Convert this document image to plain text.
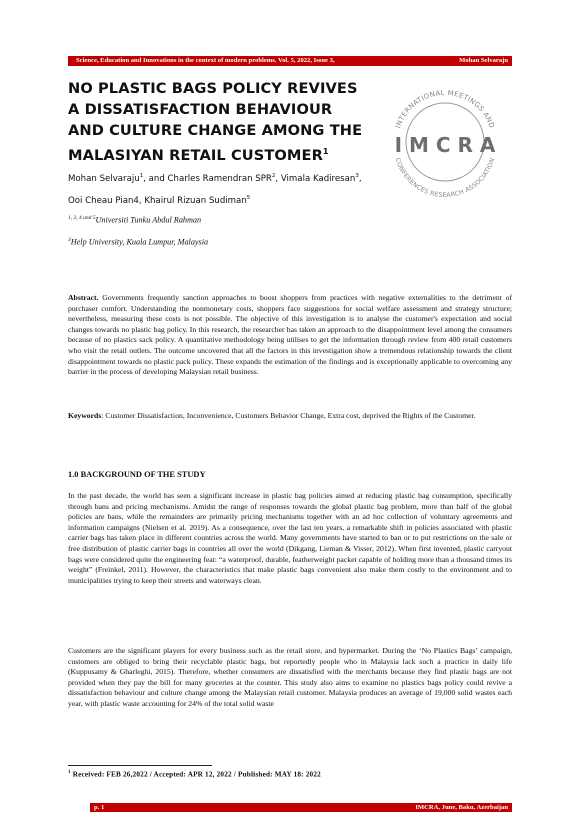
Science, Education and Innovations in the context of modern problems. Vol. 5, 2022, Issue 3,	Mohan Selvaraju
NO PLASTIC BAGS POLICY REVIVES A DISSATISFACTION BEHAVIOUR AND CULTURE CHANGE AMONG THE MALASIYAN RETAIL CUSTOMER$^1$
INTERNATIONAL MEETINGS AND
CONFERENCES RESEARCH ASSOCIATION
I M C R A
Mohan Selvaraju$^1$, and Charles Ramendran SPR$^2$, Vimala Kadiresan$^3$,
Ooi Cheau Pian4, Khairul Rizuan Sudiman$^5$
$^{1, 2, 4 and 5}$Universiti Tunku Abdul Rahman
$^3$Help University, Kuala Lumpur, Malaysia

Abstract. Governments frequently sanction approaches to boost shoppers from practices with negative externalities to the detriment of purchaser comfort. Understanding the nonmonetary costs, shoppers face suggestions for social welfare assessment and strategy structure; nevertheless, measuring these costs is not possible. The objective of this investigation is to analyse the customer's expectation and social changes towards no plastic bag policy. In this research, the researcher has taken an approach to the disappointment level among the consumers because of no plastics sack policy. A quantitative methodology being utilises to get the information through review from 400 retail customers who visit the retail outlets. The outcome uncovered that all the factors in this investigation show a tremendous relationship towards the client disappointment towards no plastic pack policy. These expands the estimation of the findings and is exceptionally applicable to overcoming any barrier in the process of developing Malaysian retail business.

Keywords: Customer Dissatisfaction, Inconvenience, Customers Behavior Change, Extra cost, deprived the Rights of the Customer.

1.0 BACKGROUND OF THE STUDY

In the past decade, the world has seen a significant increase in plastic bag policies aimed at reducing plastic bag consumption, specifically through bans and pricing mechanisms. Amidst the range of responses towards the global plastic bag problem, more than half of the global policies are bans, while the remainders are primarily pricing mechanisms together with an ad hoc collection of voluntary agreements and information campaigns (Nielsen et al. 2019). As a consequence, over the last ten years, a remarkable shift in policies associated with plastic carrier bags has taken place in different countries across the world. Many governments have started to ban or to put restrictions on the sale or free distribution of plastic carrier bags in countries all over the world (Dikgang, Lieman & Visser, 2012). When first invented, plastic carryout bags were considered quite the engineering feat: “a waterproof, durable, featherweight packet capable of holding more than a thousand times its weight” (Freinkel, 2011). However, the characteristics that make plastic bags convenient also make them costly to the environment and to municipalities trying to keep their streets and waterways clean.

Customers are the significant players for every business such as the retail store, and hypermarket. During the ‘No Plastics Bags’ campaign, customers are obliged to bring their recyclable plastic bags, but reportedly people who in Malaysia lack such a practice in daily life (Kuppusamy & Gharleghi, 2015). Therefore, whether consumers are dissatisfied with the merchants because they find plastic bags are not provided when they pay the bill for many groceries at the counter. This study also aims to examine no plastics bags policy could revive a dissatisfaction behaviour and culture change among the Malaysian retail customer. Malaysia produces an average of 19,000 solid wastes each year, with plastic waste accounting for 24% of the total solid waste

$^1$ Received: FEB 26,2022 / Accepted: APR 12, 2022 / Published: MAY 18: 2022
p. 1	IMCRA, June, Baku, Azerbaijan
